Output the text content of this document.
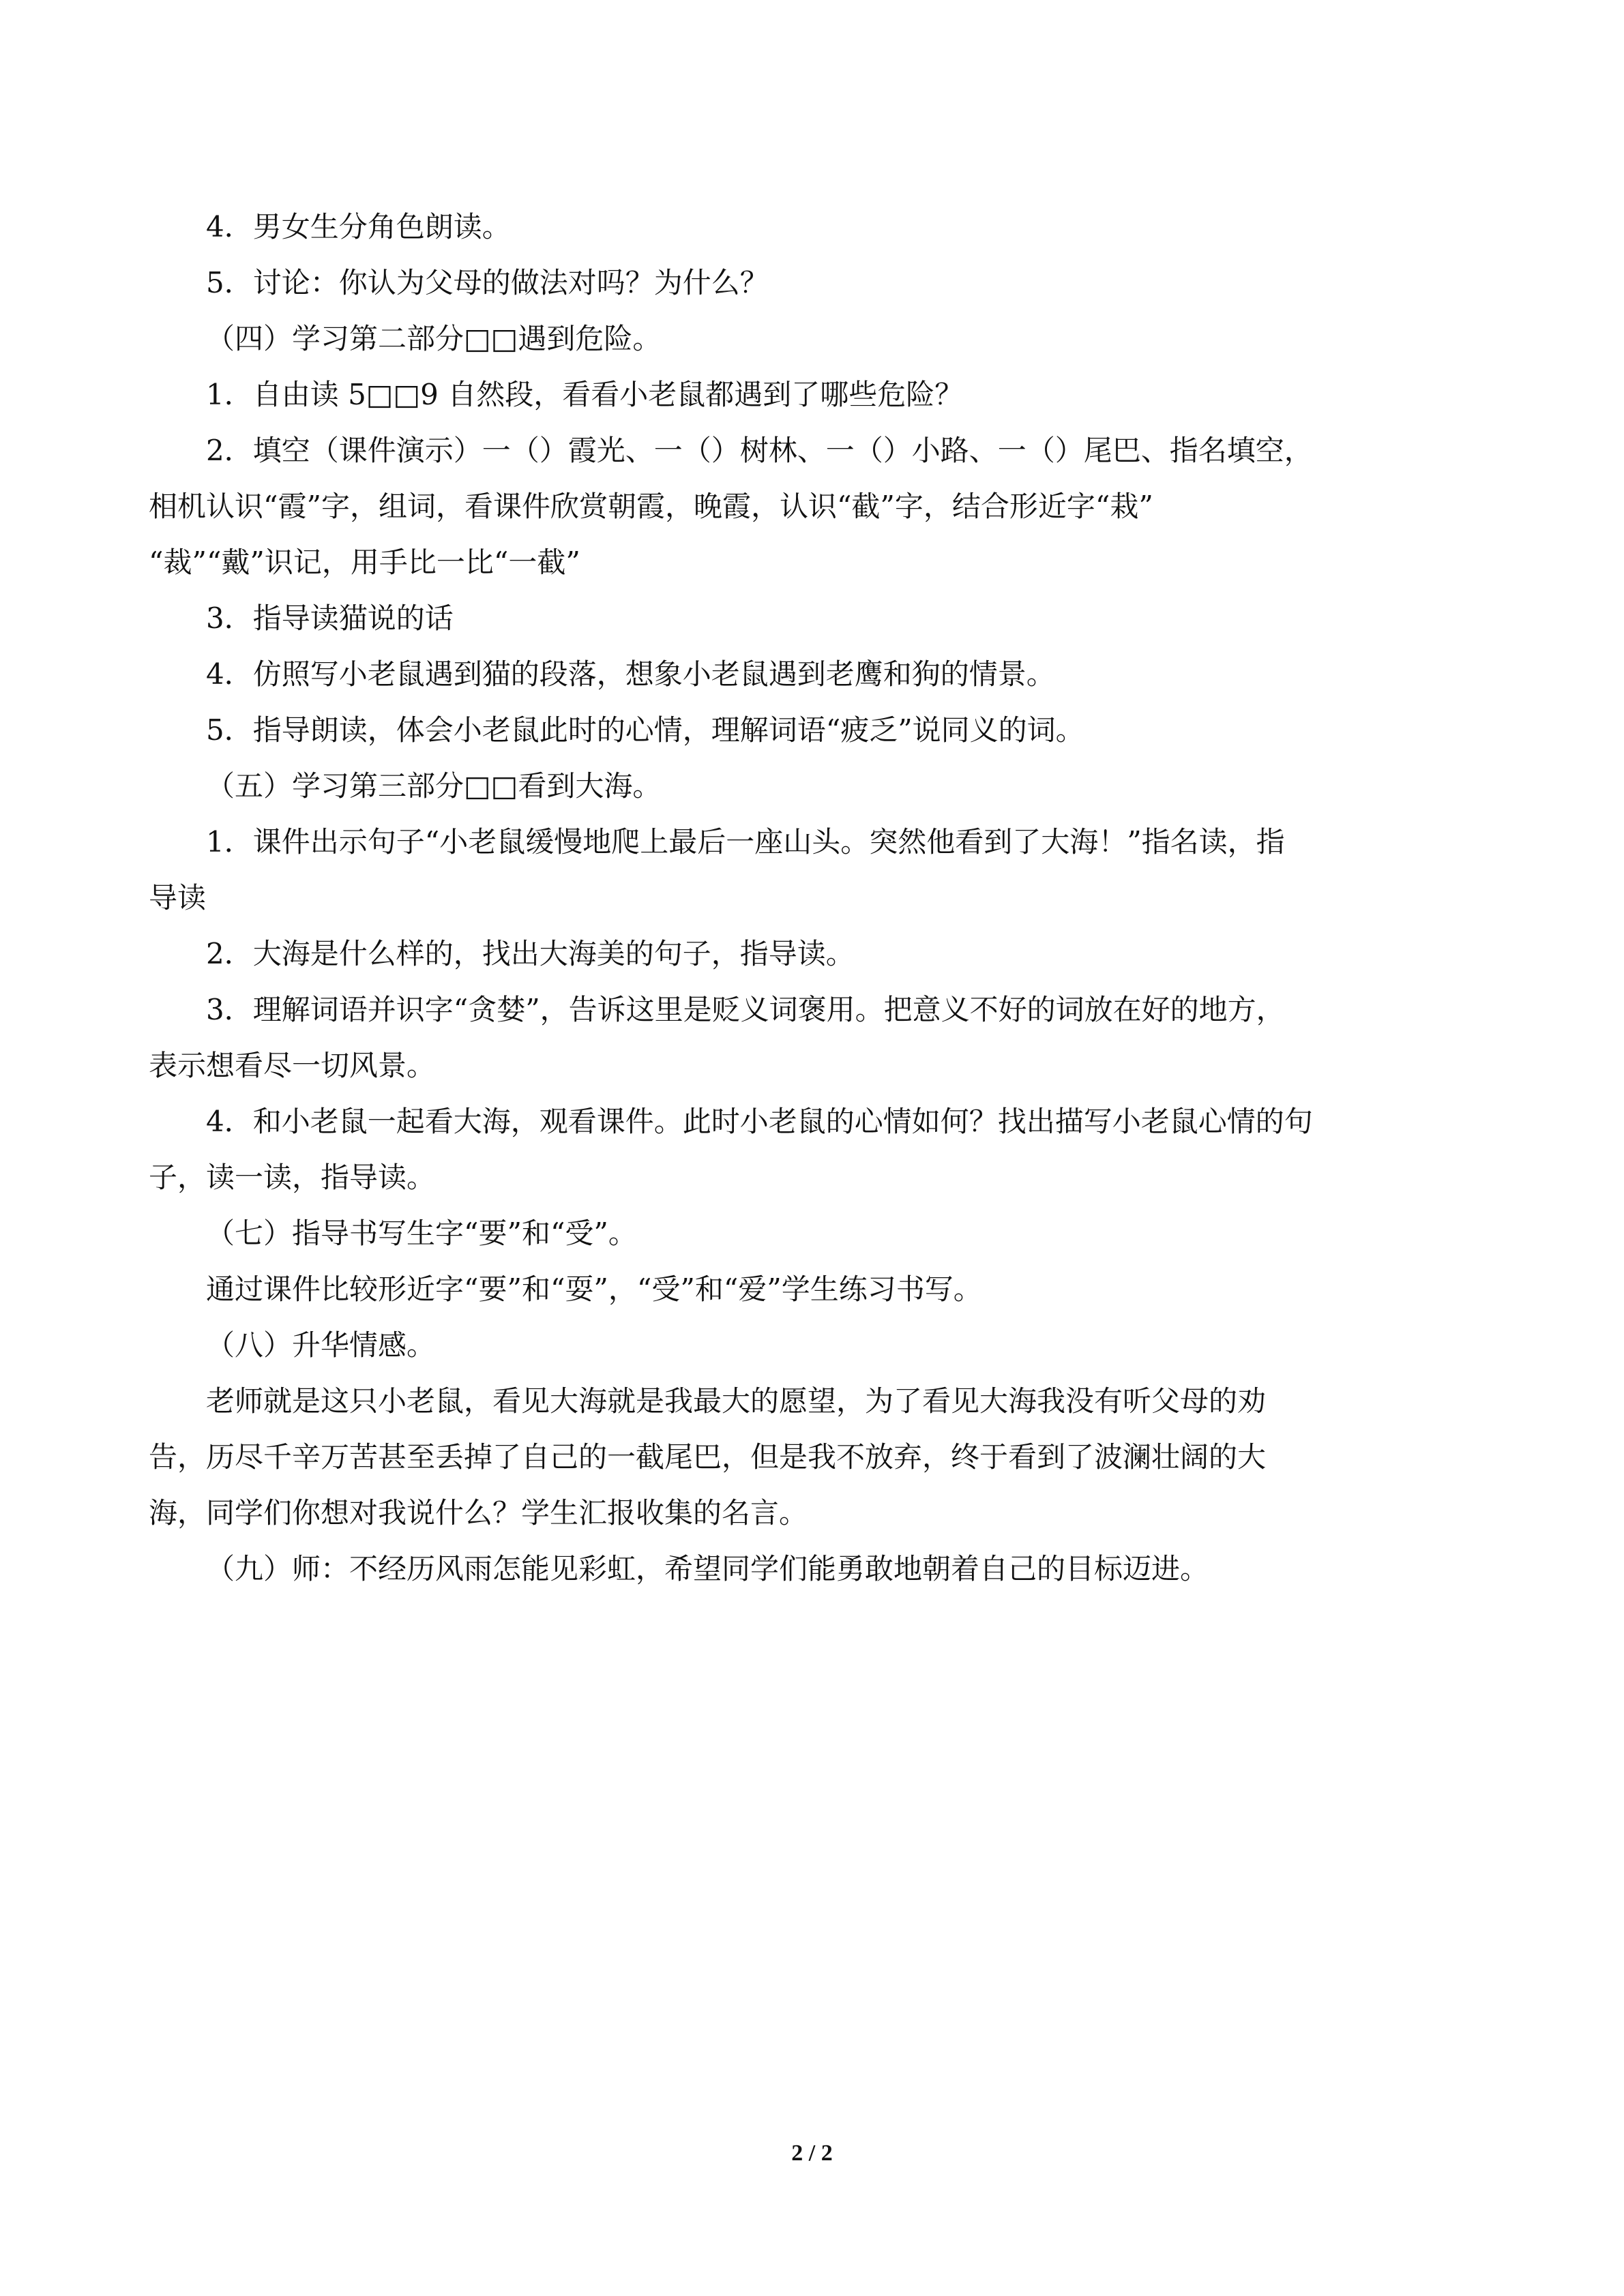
4．男女生分角色朗读。
5．讨论：你认为父母的做法对吗？为什么？
（四）学习第二部分□□遇到危险。
1．自由读 5□□9 自然段，看看小老鼠都遇到了哪些危险？
2．填空（课件演示）一（）霞光、一（）树林、一（）小路、一（）尾巴、指名填空，
相机认识“霞”字，组词，看课件欣赏朝霞，晚霞，认识“截”字，结合形近字“栽”
“裁”“戴”识记，用手比一比“一截”
3．指导读猫说的话
4．仿照写小老鼠遇到猫的段落，想象小老鼠遇到老鹰和狗的情景。
5．指导朗读，体会小老鼠此时的心情，理解词语“疲乏”说同义的词。
（五）学习第三部分□□看到大海。
1．课件出示句子“小老鼠缓慢地爬上最后一座山头。突然他看到了大海！”指名读，指
导读
2．大海是什么样的，找出大海美的句子，指导读。
3．理解词语并识字“贪婪”，告诉这里是贬义词褒用。把意义不好的词放在好的地方，
表示想看尽一切风景。
4．和小老鼠一起看大海，观看课件。此时小老鼠的心情如何？找出描写小老鼠心情的句
子，读一读，指导读。
（七）指导书写生字“要”和“受”。
通过课件比较形近字“要”和“耍”，“受”和“爱”学生练习书写。
（八）升华情感。
老师就是这只小老鼠，看见大海就是我最大的愿望，为了看见大海我没有听父母的劝
告，历尽千辛万苦甚至丢掉了自己的一截尾巴，但是我不放弃，终于看到了波澜壮阔的大
海，同学们你想对我说什么？学生汇报收集的名言。
（九）师：不经历风雨怎能见彩虹，希望同学们能勇敢地朝着自己的目标迈进。
2 / 2
